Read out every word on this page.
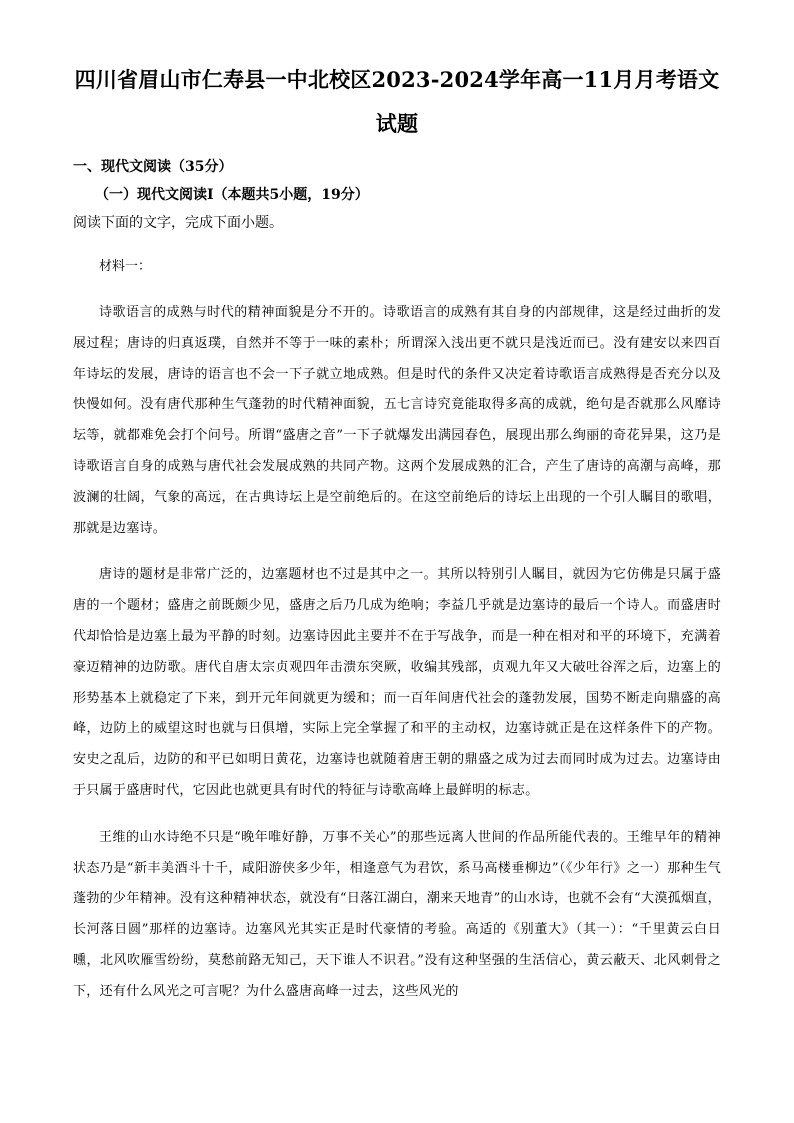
四川省眉山市仁寿县一中北校区2023-2024学年高一11月月考语文试题
一、现代文阅读（35分）
（一）现代文阅读Ⅰ（本题共5小题，19分）
阅读下面的文字，完成下面小题。
材料一：

诗歌语言的成熟与时代的精神面貌是分不开的。诗歌语言的成熟有其自身的内部规律，这是经过曲折的发展过程；唐诗的归真返璞，自然并不等于一味的素朴；所谓深入浅出更不就只是浅近而已。没有建安以来四百年诗坛的发展，唐诗的语言也不会一下子就立地成熟。但是时代的条件又决定着诗歌语言成熟得是否充分以及快慢如何。没有唐代那种生气蓬勃的时代精神面貌，五七言诗究竟能取得多高的成就，绝句是否就那么风靡诗坛等，就都难免会打个问号。所谓“盛唐之音”一下子就爆发出满园春色，展现出那么绚丽的奇花异果，这乃是诗歌语言自身的成熟与唐代社会发展成熟的共同产物。这两个发展成熟的汇合，产生了唐诗的高潮与高峰，那波澜的壮阔，气象的高远，在古典诗坛上是空前绝后的。在这空前绝后的诗坛上出现的一个引人瞩目的歌唱，那就是边塞诗。

唐诗的题材是非常广泛的，边塞题材也不过是其中之一。其所以特别引人瞩目，就因为它仿佛是只属于盛唐的一个题材；盛唐之前既颇少见，盛唐之后乃几成为绝响；李益几乎就是边塞诗的最后一个诗人。而盛唐时代却恰恰是边塞上最为平静的时刻。边塞诗因此主要并不在于写战争，而是一种在相对和平的环境下，充满着豪迈精神的边防歌。唐代自唐太宗贞观四年击溃东突厥，收编其残部，贞观九年又大破吐谷浑之后，边塞上的形势基本上就稳定了下来，到开元年间就更为缓和；而一百年间唐代社会的蓬勃发展，国势不断走向鼎盛的高峰，边防上的威望这时也就与日俱增，实际上完全掌握了和平的主动权，边塞诗就正是在这样条件下的产物。安史之乱后，边防的和平已如明日黄花，边塞诗也就随着唐王朝的鼎盛之成为过去而同时成为过去。边塞诗由于只属于盛唐时代，它因此也就更具有时代的特征与诗歌高峰上最鲜明的标志。

王维的山水诗绝不只是“晚年唯好静，万事不关心”的那些远离人世间的作品所能代表的。王维早年的精神状态乃是“新丰美酒斗十千，咸阳游侠多少年，相逢意气为君饮，系马高楼垂柳边”（《少年行》之一）那种生气蓬勃的少年精神。没有这种精神状态，就没有“日落江湖白，潮来天地青”的山水诗，也就不会有“大漠孤烟直，长河落日圆”那样的边塞诗。边塞风光其实正是时代豪情的考验。高适的《别董大》（其一）：“千里黄云白日曛，北风吹雁雪纷纷，莫愁前路无知己，天下谁人不识君。”没有这种坚强的生活信心，黄云蔽天、北风刺骨之下，还有什么风光之可言呢？为什么盛唐高峰一过去，这些风光的
